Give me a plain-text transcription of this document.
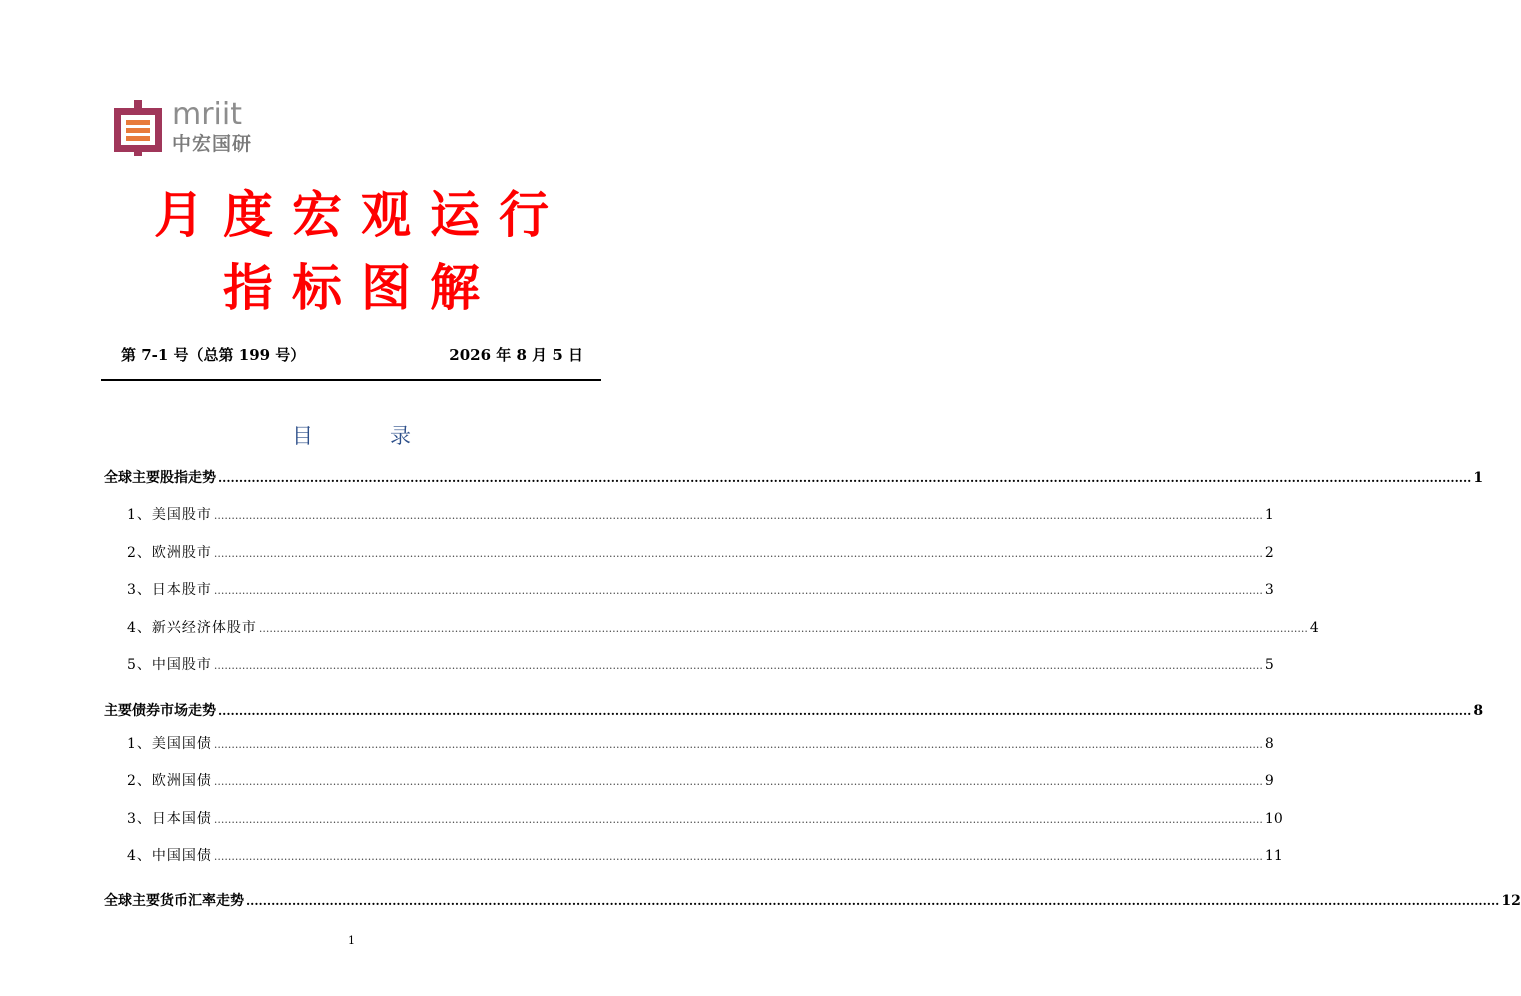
mriit
中宏国研
月度宏观运行
指标图解
第 7-1 号（总第 199 号）	2026 年 8 月 5 日
目　录
全球主要股指走势 ............................................................................................................................................................................................................................................................................................................ 1
1、美国股市 ............................................................................................................................................................................................................................................................................................................ 1
2、欧洲股市 ............................................................................................................................................................................................................................................................................................................ 2
3、日本股市 ............................................................................................................................................................................................................................................................................................................ 3
4、新兴经济体股市 ............................................................................................................................................................................................................................................................................................................ 4
5、中国股市 ............................................................................................................................................................................................................................................................................................................ 5
主要债券市场走势 ............................................................................................................................................................................................................................................................................................................ 8
1、美国国债 ............................................................................................................................................................................................................................................................................................................ 8
2、欧洲国债 ............................................................................................................................................................................................................................................................................................................ 9
3、日本国债 ............................................................................................................................................................................................................................................................................................................ 10
4、中国国债 ............................................................................................................................................................................................................................................................................................................ 11
全球主要货币汇率走势 ............................................................................................................................................................................................................................................................................................................ 12
1
